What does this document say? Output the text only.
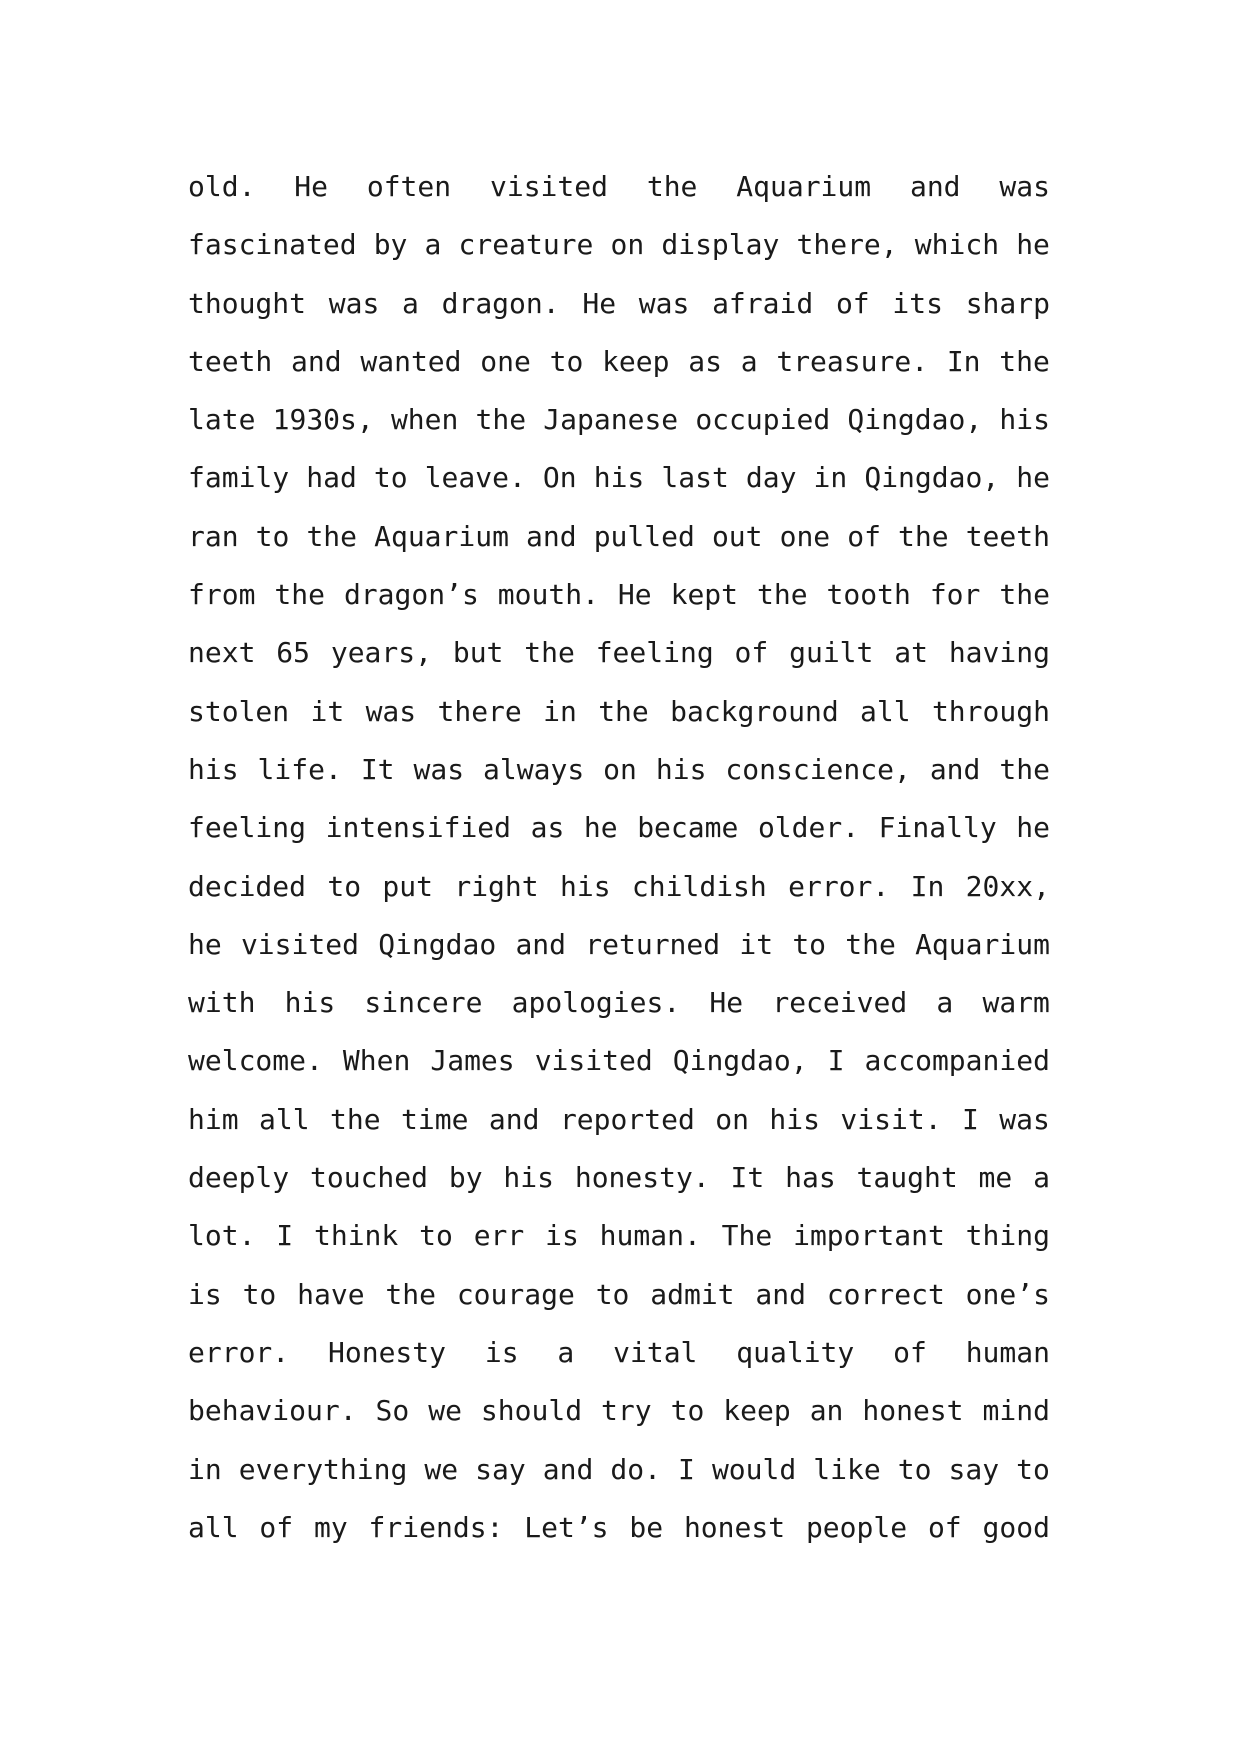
old. He often visited the Aquarium and was
fascinated by a creature on display there, which he
thought was a dragon. He was afraid of its sharp
teeth and wanted one to keep as a treasure. In the
late 1930s, when the Japanese occupied Qingdao, his
family had to leave. On his last day in Qingdao, he
ran to the Aquarium and pulled out one of the teeth
from the dragon’s mouth. He kept the tooth for the
next 65 years, but the feeling of guilt at having
stolen it was there in the background all through
his life. It was always on his conscience, and the
feeling intensified as he became older. Finally he
decided to put right his childish error. In 20xx,
he visited Qingdao and returned it to the Aquarium
with his sincere apologies. He received a warm
welcome. When James visited Qingdao, I accompanied
him all the time and reported on his visit. I was
deeply touched by his honesty. It has taught me a
lot. I think to err is human. The important thing
is to have the courage to admit and correct one’s
error. Honesty is a vital quality of human
behaviour. So we should try to keep an honest mind
in everything we say and do. I would like to say to
all of my friends: Let’s be honest people of good
